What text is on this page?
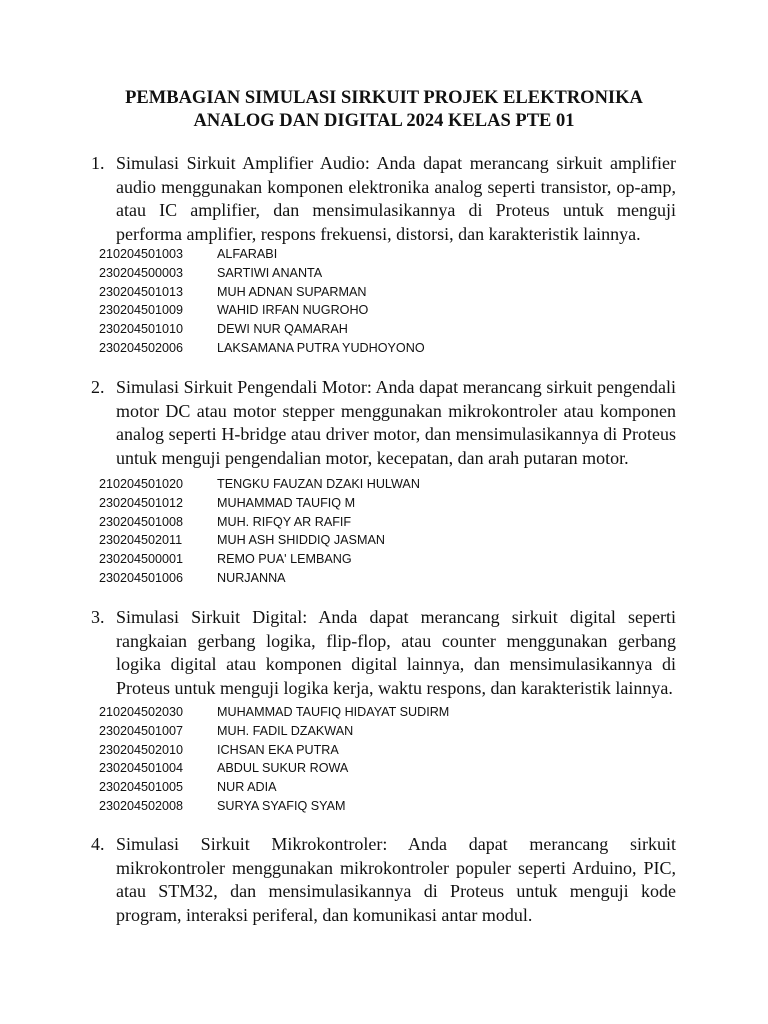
PEMBAGIAN SIMULASI SIRKUIT PROJEK ELEKTRONIKA
ANALOG DAN DIGITAL 2024 KELAS PTE 01
1. Simulasi Sirkuit Amplifier Audio: Anda dapat merancang sirkuit amplifier audio menggunakan komponen elektronika analog seperti transistor, op-amp, atau IC amplifier, dan mensimulasikannya di Proteus untuk menguji performa amplifier, respons frekuensi, distorsi, dan karakteristik lainnya.
210204501003	ALFARABI
230204500003	SARTIWI ANANTA
230204501013	MUH ADNAN SUPARMAN
230204501009	WAHID IRFAN NUGROHO
230204501010	DEWI NUR QAMARAH
230204502006	LAKSAMANA PUTRA YUDHOYONO
2. Simulasi Sirkuit Pengendali Motor: Anda dapat merancang sirkuit pengendali motor DC atau motor stepper menggunakan mikrokontroler atau komponen analog seperti H-bridge atau driver motor, dan mensimulasikannya di Proteus untuk menguji pengendalian motor, kecepatan, dan arah putaran motor.
210204501020	TENGKU FAUZAN DZAKI HULWAN
230204501012	MUHAMMAD TAUFIQ M
230204501008	MUH. RIFQY AR RAFIF
230204502011	MUH ASH SHIDDIQ JASMAN
230204500001	REMO PUA' LEMBANG
230204501006	NURJANNA
3. Simulasi Sirkuit Digital: Anda dapat merancang sirkuit digital seperti rangkaian gerbang logika, flip-flop, atau counter menggunakan gerbang logika digital atau komponen digital lainnya, dan mensimulasikannya di Proteus untuk menguji logika kerja, waktu respons, dan karakteristik lainnya.
210204502030	MUHAMMAD TAUFIQ HIDAYAT SUDIRM
230204501007	MUH. FADIL DZAKWAN
230204502010	ICHSAN EKA PUTRA
230204501004	ABDUL SUKUR ROWA
230204501005	NUR ADIA
230204502008	SURYA SYAFIQ SYAM
4. Simulasi Sirkuit Mikrokontroler: Anda dapat merancang sirkuit mikrokontroler menggunakan mikrokontroler populer seperti Arduino, PIC, atau STM32, dan mensimulasikannya di Proteus untuk menguji kode program, interaksi periferal, dan komunikasi antar modul.
